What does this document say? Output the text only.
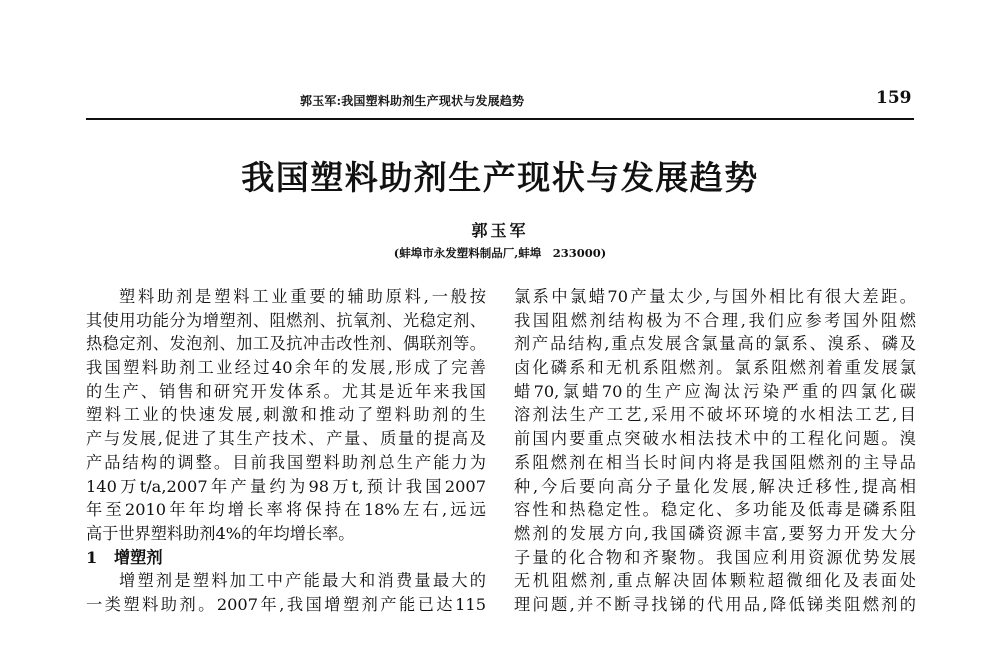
郭玉军:我国塑料助剂生产现状与发展趋势	159
我国塑料助剂生产现状与发展趋势
郭玉军
(蚌埠市永发塑料制品厂,蚌埠　233000)
塑料助剂是塑料工业重要的辅助原料,一般按
其使用功能分为增塑剂、阻燃剂、抗氧剂、光稳定剂、
热稳定剂、发泡剂、加工及抗冲击改性剂、偶联剂等。
我国塑料助剂工业经过40余年的发展,形成了完善
的生产、销售和研究开发体系。尤其是近年来我国
塑料工业的快速发展,刺激和推动了塑料助剂的生
产与发展,促进了其生产技术、产量、质量的提高及
产品结构的调整。目前我国塑料助剂总生产能力为
140万t/a,2007年产量约为98万t,预计我国2007
年至2010年年均增长率将保持在18%左右,远远
高于世界塑料助剂4%的年均增长率。
1 增塑剂
增塑剂是塑料加工中产能最大和消费量最大的
一类塑料助剂。2007年,我国增塑剂产能已达115
氯系中氯蜡70产量太少,与国外相比有很大差距。
我国阻燃剂结构极为不合理,我们应参考国外阻燃
剂产品结构,重点发展含氯量高的氯系、溴系、磷及
卤化磷系和无机系阻燃剂。氯系阻燃剂着重发展氯
蜡70,氯蜡70的生产应淘汰污染严重的四氯化碳
溶剂法生产工艺,采用不破坏环境的水相法工艺,目
前国内要重点突破水相法技术中的工程化问题。溴
系阻燃剂在相当长时间内将是我国阻燃剂的主导品
种,今后要向高分子量化发展,解决迁移性,提高相
容性和热稳定性。稳定化、多功能及低毒是磷系阻
燃剂的发展方向,我国磷资源丰富,要努力开发大分
子量的化合物和齐聚物。我国应利用资源优势发展
无机阻燃剂,重点解决固体颗粒超微细化及表面处
理问题,并不断寻找锑的代用品,降低锑类阻燃剂的
